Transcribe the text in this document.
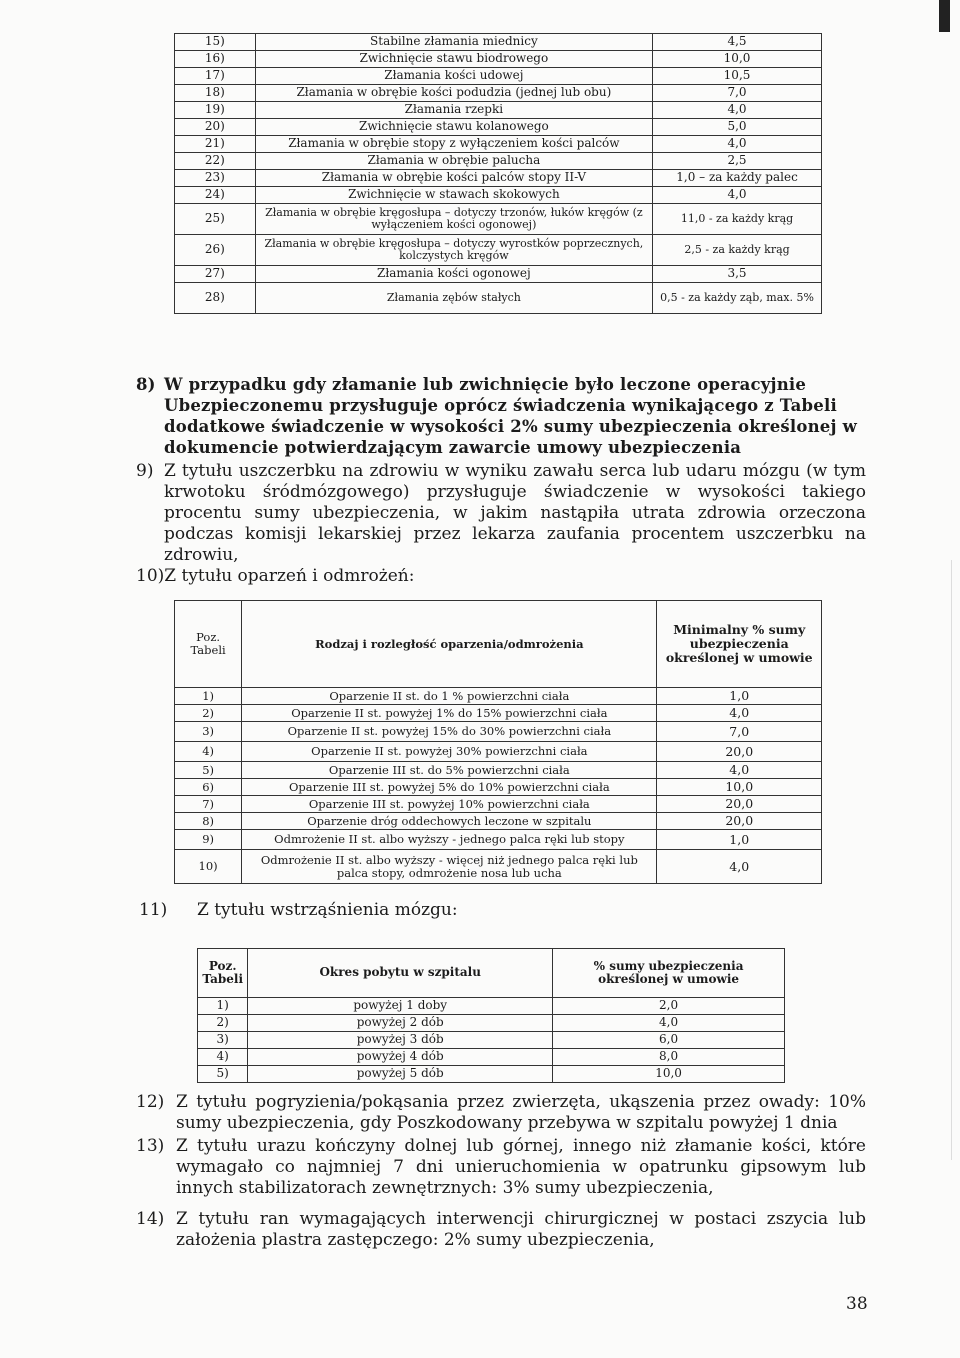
15)	Stabilne złamania miednicy	4,5
16)	Zwichnięcie stawu biodrowego	10,0
17)	Złamania kości udowej	10,5
18)	Złamania w obrębie kości podudzia (jednej lub obu)	7,0
19)	Złamania rzepki	4,0
20)	Zwichnięcie stawu kolanowego	5,0
21)	Złamania w obrębie stopy z wyłączeniem kości palców	4,0
22)	Złamania w obrębie palucha	2,5
23)	Złamania w obrębie kości palców stopy II-V	1,0 – za każdy palec
24)	Zwichnięcie w stawach skokowych	4,0
25)	Złamania w obrębie kręgosłupa – dotyczy trzonów, łuków kręgów (z wyłączeniem kości ogonowej)	11,0 - za każdy krąg
26)	Złamania w obrębie kręgosłupa – dotyczy wyrostków poprzecznych, kolczystych kręgów	2,5 - za każdy krąg
27)	Złamania kości ogonowej	3,5
28)	Złamania zębów stałych	0,5 - za każdy ząb, max. 5%
8) W przypadku gdy złamanie lub zwichnięcie było leczone operacyjnie Ubezpieczonemu przysługuje oprócz świadczenia wynikającego z Tabeli dodatkowe świadczenie w wysokości 2% sumy ubezpieczenia określonej w dokumencie potwierdzającym zawarcie umowy ubezpieczenia
9) Z tytułu uszczerbku na zdrowiu w wyniku zawału serca lub udaru mózgu (w tym krwotoku śródmózgowego) przysługuje świadczenie w wysokości takiego procentu sumy ubezpieczenia, w jakim nastąpiła utrata zdrowia orzeczona podczas komisji lekarskiej przez lekarza zaufania procentem uszczerbku na zdrowiu,
10)Z tytułu oparzeń i odmrożeń:
Poz. Tabeli	Rodzaj i rozległość oparzenia/odmrożenia	Minimalny % sumy ubezpieczenia określonej w umowie
1)	Oparzenie II st. do 1 % powierzchni ciała	1,0
2)	Oparzenie II st. powyżej 1% do 15% powierzchni ciała	4,0
3)	Oparzenie II st. powyżej 15% do 30% powierzchni ciała	7,0
4)	Oparzenie II st. powyżej 30% powierzchni ciała	20,0
5)	Oparzenie III st. do 5% powierzchni ciała	4,0
6)	Oparzenie III st. powyżej 5% do 10% powierzchni ciała	10,0
7)	Oparzenie III st. powyżej 10% powierzchni ciała	20,0
8)	Oparzenie dróg oddechowych leczone w szpitalu	20,0
9)	Odmrożenie II st. albo wyższy - jednego palca ręki lub stopy	1,0
10)	Odmrożenie II st. albo wyższy - więcej niż jednego palca ręki lub palca stopy, odmrożenie nosa lub ucha	4,0
11) Z tytułu wstrząśnienia mózgu:
Poz. Tabeli	Okres pobytu w szpitalu	% sumy ubezpieczenia określonej w umowie
1)	powyżej 1 doby	2,0
2)	powyżej 2 dób	4,0
3)	powyżej 3 dób	6,0
4)	powyżej 4 dób	8,0
5)	powyżej 5 dób	10,0
12) Z tytułu pogryzienia/pokąsania przez zwierzęta, ukąszenia przez owady: 10% sumy ubezpieczenia, gdy Poszkodowany przebywa w szpitalu powyżej 1 dnia
13) Z tytułu urazu kończyny dolnej lub górnej, innego niż złamanie kości, które wymagało co najmniej 7 dni unieruchomienia w opatrunku gipsowym lub innych stabilizatorach zewnętrznych: 3% sumy ubezpieczenia,
14) Z tytułu ran wymagających interwencji chirurgicznej w postaci zszycia lub założenia plastra zastępczego: 2% sumy ubezpieczenia,
38
